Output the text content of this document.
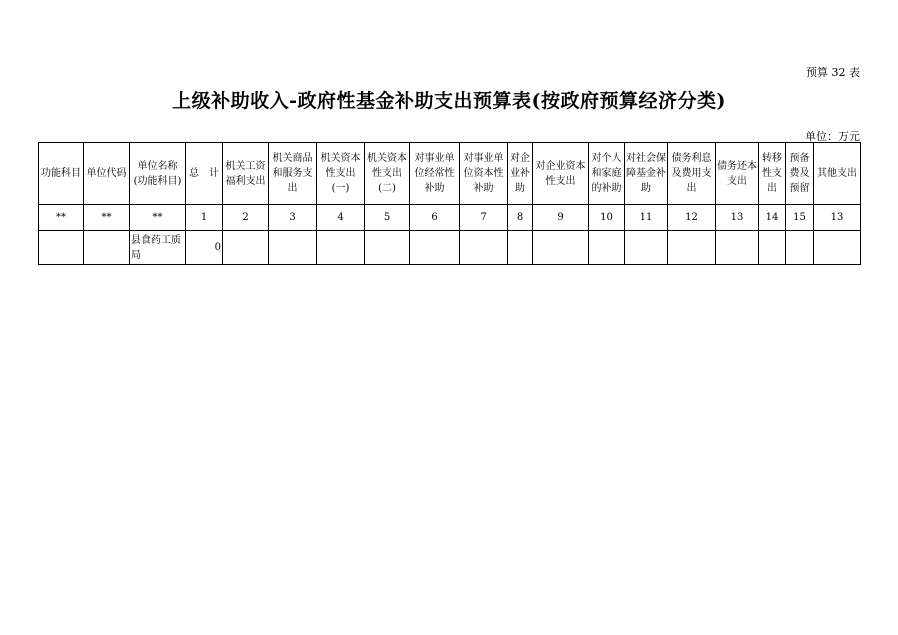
预算 32 表
上级补助收入-政府性基金补助支出预算表(按政府预算经济分类)
单位：万元
功能科目	单位代码	单位名称(功能科目)	总　计	机关工资福利支出	机关商品和服务支出	机关资本性支出(一)	机关资本性支出(二)	对事业单位经常性补助	对事业单位资本性补助	对企业补助	对企业资本性支出	对个人和家庭的补助	对社会保障基金补助	债务利息及费用支出	债务还本支出	转移性支出	预备费及预留	其他支出
**	**	**	1	2	3	4	5	6	7	8	9	10	11	12	13	14	15	13
		县食药工质局	0															
